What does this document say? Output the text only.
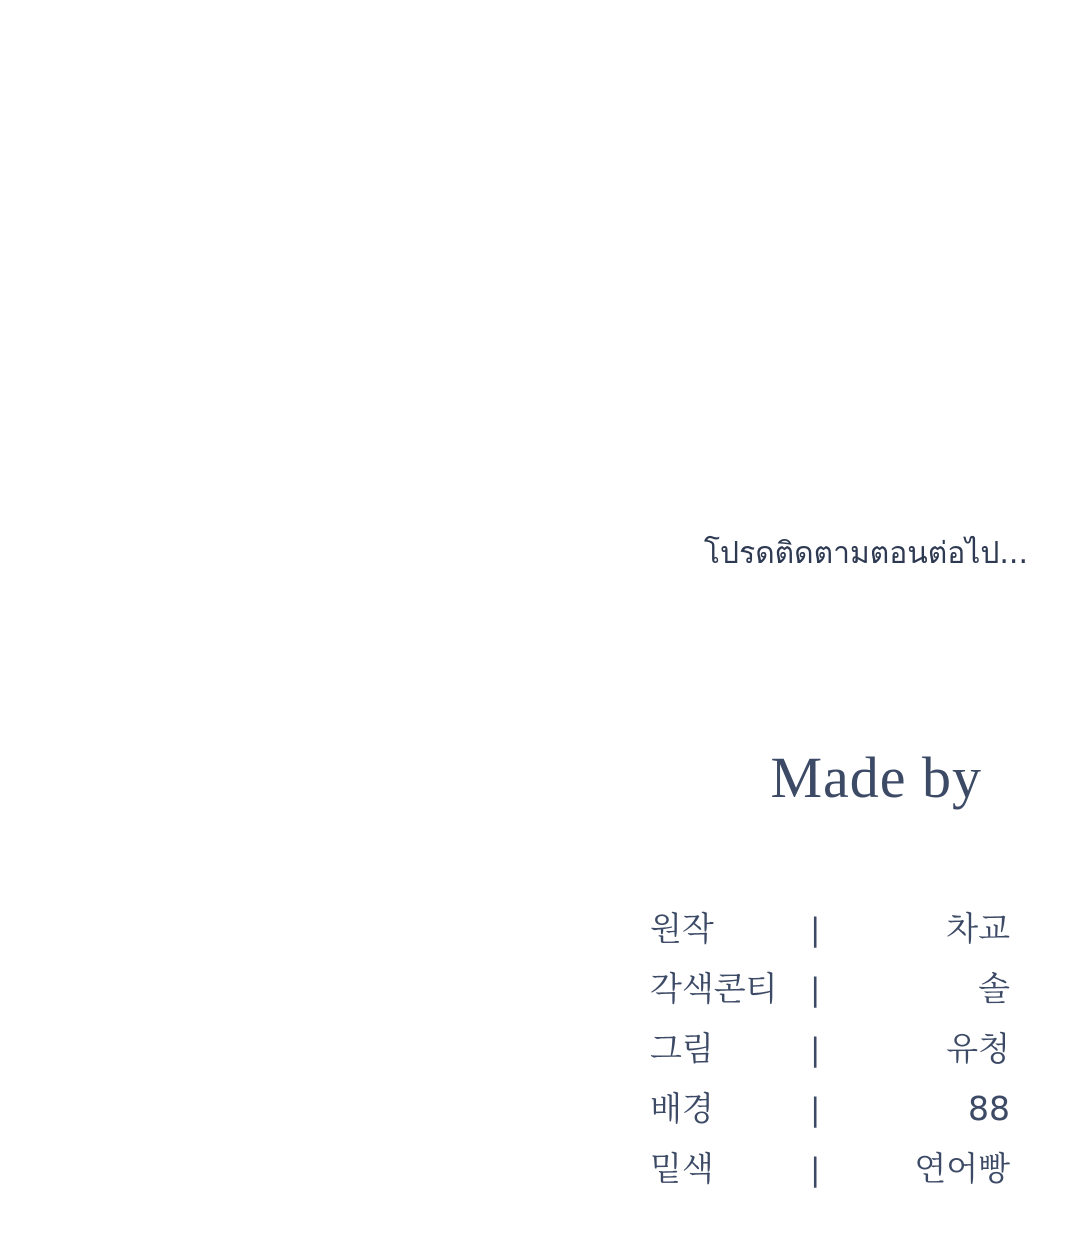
โปรดติดตามตอนต่อไป...
Made by
원작	|	차교
각색콘티	|	솔
그림	|	유청
배경	|	88
밑색	|	연어빵
